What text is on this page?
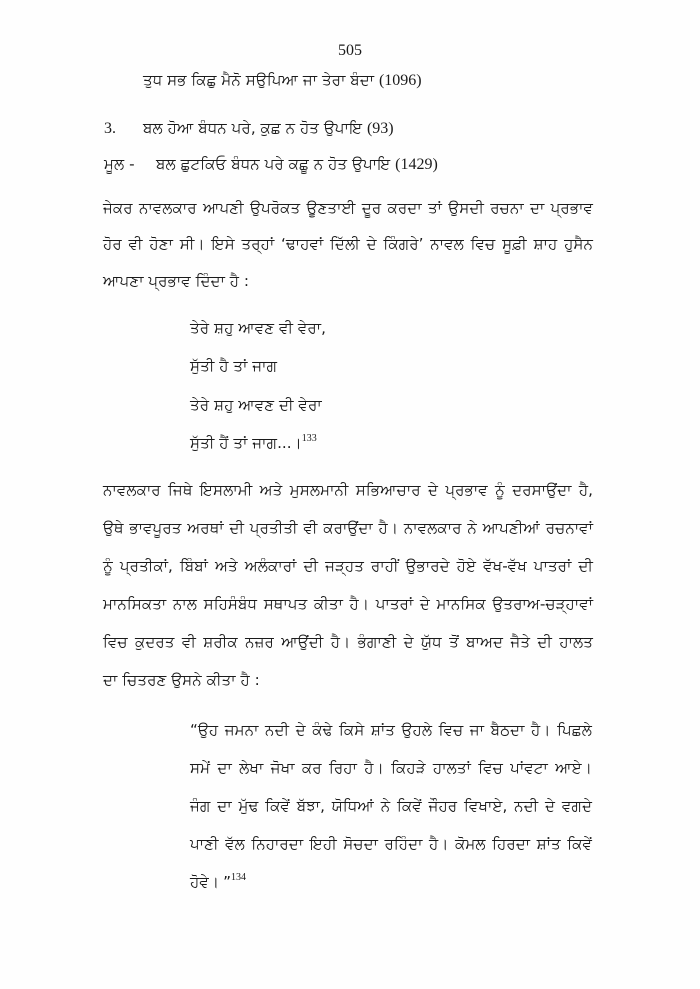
505
ਤੁਧ ਸਭ ਕਿਛੁ ਮੈਨੋ ਸਉਪਿਆ ਜਾ ਤੇਰਾ ਬੰਦਾ (1096)
3. ਬਲ ਹੋਆ ਬੰਧਨ ਪਰੇ, ਕੁਛ ਨ ਹੋਤ ਉਪਾਇ (93)
ਮੂਲ - ਬਲ ਛੁਟਕਿਓ ਬੰਧਨ ਪਰੇ ਕਛੂ ਨ ਹੋਤ ਉਪਾਇ (1429)
ਜੇਕਰ ਨਾਵਲਕਾਰ ਆਪਣੀ ਉਪਰੋਕਤ ਊਣਤਾਈ ਦੂਰ ਕਰਦਾ ਤਾਂ ਉਸਦੀ ਰਚਨਾ ਦਾ ਪ੍ਰਭਾਵ
ਹੋਰ ਵੀ ਹੋਣਾ ਸੀ। ਇਸੇ ਤਰ੍ਹਾਂ ‘ਢਾਹਵਾਂ ਦਿੱਲੀ ਦੇ ਕਿੰਗਰੇ’ ਨਾਵਲ ਵਿਚ ਸੂਫ਼ੀ ਸ਼ਾਹ ਹੁਸੈਨ
ਆਪਣਾ ਪ੍ਰਭਾਵ ਦਿੰਦਾ ਹੈ :
ਤੇਰੇ ਸ਼ਹੁ ਆਵਣ ਵੀ ਵੇਰਾ,
ਸੁੱਤੀ ਹੈ ਤਾਂ ਜਾਗ
ਤੇਰੇ ਸ਼ਹੁ ਆਵਣ ਦੀ ਵੇਰਾ
ਸੁੱਤੀ ਹੈਂ ਤਾਂ ਜਾਗ...।$^{133}$
ਨਾਵਲਕਾਰ ਜਿਥੇ ਇਸਲਾਮੀ ਅਤੇ ਮੁਸਲਮਾਨੀ ਸਭਿਆਚਾਰ ਦੇ ਪ੍ਰਭਾਵ ਨੂੰ ਦਰਸਾਉਂਦਾ ਹੈ,
ਉਥੇ ਭਾਵਪੂਰਤ ਅਰਥਾਂ ਦੀ ਪ੍ਰਤੀਤੀ ਵੀ ਕਰਾਉਂਦਾ ਹੈ। ਨਾਵਲਕਾਰ ਨੇ ਆਪਣੀਆਂ ਰਚਨਾਵਾਂ
ਨੂੰ ਪ੍ਰਤੀਕਾਂ, ਬਿੰਬਾਂ ਅਤੇ ਅਲੰਕਾਰਾਂ ਦੀ ਜੜ੍ਹਤ ਰਾਹੀਂ ਉਭਾਰਦੇ ਹੋਏ ਵੱਖ-ਵੱਖ ਪਾਤਰਾਂ ਦੀ
ਮਾਨਸਿਕਤਾ ਨਾਲ ਸਹਿਸੰਬੰਧ ਸਥਾਪਤ ਕੀਤਾ ਹੈ। ਪਾਤਰਾਂ ਦੇ ਮਾਨਸਿਕ ਉਤਰਾਅ-ਚੜ੍ਹਾਵਾਂ
ਵਿਚ ਕੁਦਰਤ ਵੀ ਸ਼ਰੀਕ ਨਜ਼ਰ ਆਉਂਦੀ ਹੈ। ਭੰਗਾਣੀ ਦੇ ਯੁੱਧ ਤੋਂ ਬਾਅਦ ਜੈਤੇ ਦੀ ਹਾਲਤ
ਦਾ ਚਿਤਰਣ ਉਸਨੇ ਕੀਤਾ ਹੈ :
“ਉਹ ਜਮਨਾ ਨਦੀ ਦੇ ਕੰਢੇ ਕਿਸੇ ਸ਼ਾਂਤ ਉਹਲੇ ਵਿਚ ਜਾ ਬੈਠਦਾ ਹੈ। ਪਿਛਲੇ
ਸਮੇਂ ਦਾ ਲੇਖਾ ਜੋਖਾ ਕਰ ਰਿਹਾ ਹੈ। ਕਿਹੜੇ ਹਾਲਤਾਂ ਵਿਚ ਪਾਂਵਟਾ ਆਏ।
ਜੰਗ ਦਾ ਮੁੱਢ ਕਿਵੇਂ ਬੱਝਾ, ਯੋਧਿਆਂ ਨੇ ਕਿਵੇਂ ਜੌਹਰ ਵਿਖਾਏ, ਨਦੀ ਦੇ ਵਗਦੇ
ਪਾਣੀ ਵੱਲ ਨਿਹਾਰਦਾ ਇਹੀ ਸੋਚਦਾ ਰਹਿੰਦਾ ਹੈ। ਕੋਮਲ ਹਿਰਦਾ ਸ਼ਾਂਤ ਕਿਵੇਂ
ਹੋਵੇ। ”$^{134}$
